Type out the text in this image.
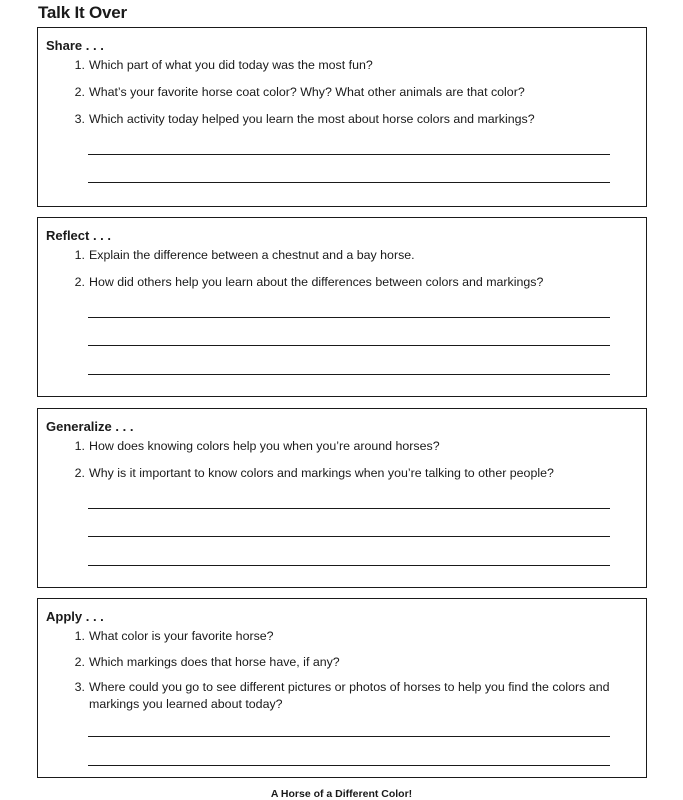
Talk It Over
Share . . .
1. Which part of what you did today was the most fun?
2. What’s your favorite horse coat color? Why? What other animals are that color?
3. Which activity today helped you learn the most about horse colors and markings?
Reflect . . .
1. Explain the difference between a chestnut and a bay horse.
2. How did others help you learn about the differences between colors and markings?
Generalize . . .
1. How does knowing colors help you when you’re around horses?
2. Why is it important to know colors and markings when you’re talking to other people?
Apply . . .
1. What color is your favorite horse?
2. Which markings does that horse have, if any?
3. Where could you go to see different pictures or photos of horses to help you find the colors and markings you learned about today?
A Horse of a Different Color!
